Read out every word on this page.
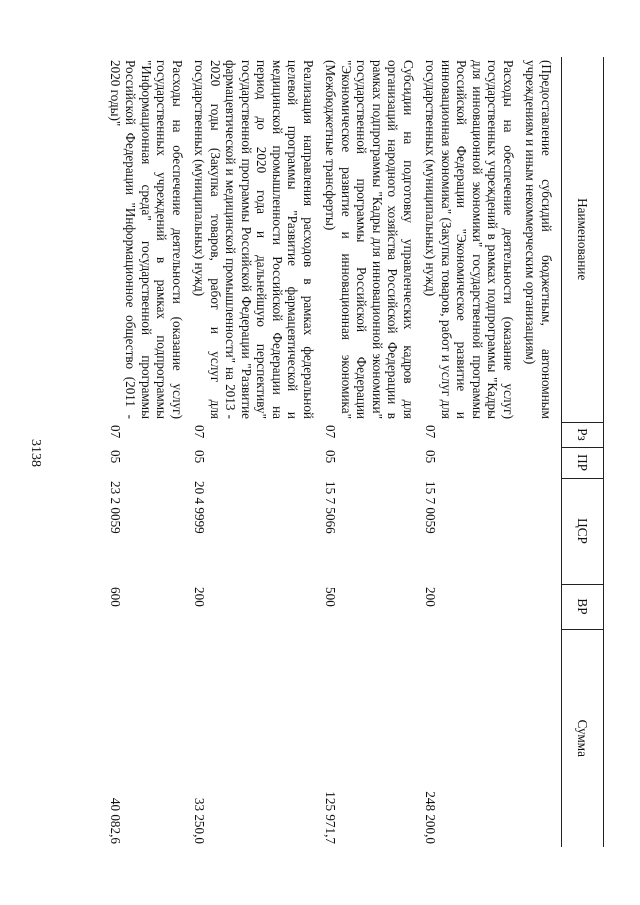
3138
Наименование	Рз	ПР	ЦСР	ВР	Сумма
(Предоставление субсидий бюджетным, автономным учреждениям и иным некоммерческим организациям)					
Расходы на обеспечение деятельности (оказание услуг) государственных учреждений в рамках подпрограммы "Кадры для инновационной экономики" государственной программы Российской Федерации "Экономическое развитие и инновационная экономика" (Закупка товаров, работ и услуг для государственных (муниципальных) нужд)	07	05	15 7 0059	200	248 200,0
Субсидии на подготовку управленческих кадров для организаций народного хозяйства Российской Федерации в рамках подпрограммы "Кадры для инновационной экономики" государственной программы Российской Федерации "Экономическое развитие и инновационная экономика" (Межбюджетные трансферты)	07	05	15 7 5066	500	125 971,7
Реализация направления расходов в рамках федеральной целевой программы "Развитие фармацевтической и медицинской промышленности Российской Федерации на период до 2020 года и дальнейшую перспективу" государственной программы Российской Федерации "Развитие фармацевтической и медицинской промышленности" на 2013 - 2020 годы (Закупка товаров, работ и услуг для государственных (муниципальных) нужд)	07	05	20 4 9999	200	33 250,0
Расходы на обеспечение деятельности (оказание услуг) государственных учреждений в рамках подпрограммы "Информационная среда" государственной программы Российской Федерации "Информационное общество (2011 - 2020 годы)"	07	05	23 2 0059	600	40 082,6
